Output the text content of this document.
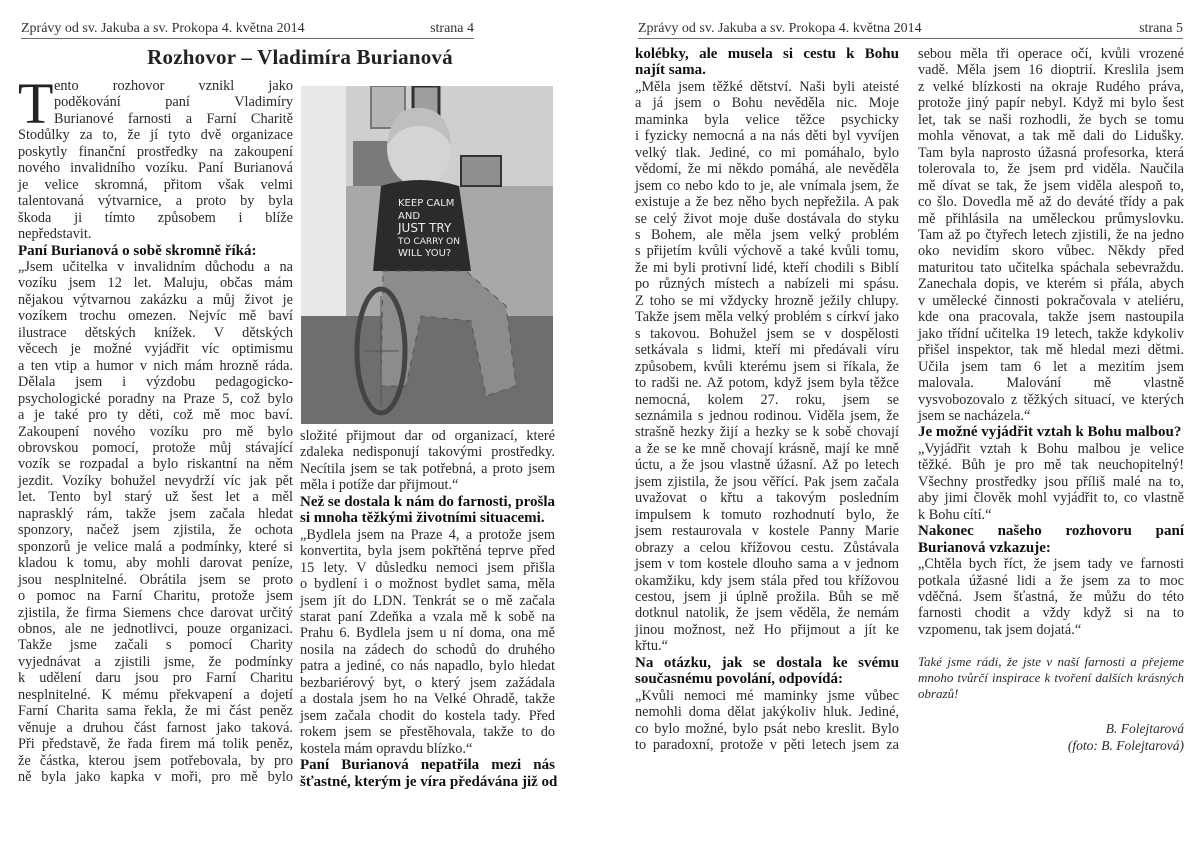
Zprávy od sv. Jakuba a sv. Prokopa 4. května 2014	strana 4
Rozhovor – Vladimíra Burianová
T ento rozhovor vznikl jako
poděkování paní Vladimíry
Burianové farnosti a Farní Charitě
Stodůlky za to, že jí tyto dvě organizace
poskytly finanční prostředky na zakoupení
nového invalidního vozíku. Paní Burianová
je velice skromná, přitom však velmi
talentovaná výtvarnice, a proto by byla
škoda ji tímto způsobem i blíže
nepředstavit.
Paní Burianová o sobě skromně říká:
„Jsem učitelka v invalidním důchodu a na
vozíku jsem 12 let. Maluju, občas mám
nějakou výtvarnou zakázku a můj život je
vozíkem trochu omezen. Nejvíc mě baví
ilustrace dětských knížek. V dětských
věcech je možné vyjádřit víc optimismu
a ten vtip a humor v nich mám hrozně ráda.
Dělala jsem i výzdobu pedagogicko-
psychologické poradny na Praze 5, což bylo
a je také pro ty děti, což mě moc baví.
Zakoupení nového vozíku pro mě bylo
obrovskou pomocí, protože můj stávající
vozík se rozpadal a bylo riskantní na něm
jezdit. Vozíky bohužel nevydrží víc jak pět
let. Tento byl starý už šest let a měl
naprasklý rám, takže jsem začala hledat
sponzory, načež jsem zjistila, že ochota
sponzorů je velice malá a podmínky, které si
kladou k tomu, aby mohli darovat peníze,
jsou nesplnitelné. Obrátila jsem se proto
o pomoc na Farní Charitu, protože jsem
zjistila, že firma Siemens chce darovat určitý
obnos, ale ne jednotlivci, pouze organizaci.
Takže jsme začali s pomocí Charity
vyjednávat a zjistili jsme, že podmínky
k udělení daru jsou pro Farní Charitu
nesplnitelné. K mému překvapení a dojetí
Farní Charita sama řekla, že mi část peněz
věnuje a druhou část farnost jako taková.
Při představě, že řada firem má tolik peněz,
že částka, kterou jsem potřebovala, by pro
ně byla jako kapka v moři, pro mě bylo
KEEP CALM
AND
JUST TRY
TO CARRY ON
WILL YOU?
složité přijmout dar od organizací, které
zdaleka nedisponují takovými prostředky.
Necítila jsem se tak potřebná, a proto jsem
měla i potíže dar přijmout.“
Než se dostala k nám do farnosti, prošla
si mnoha těžkými životními situacemi.
„Bydlela jsem na Praze 4, a protože jsem
konvertita, byla jsem pokřtěná teprve před
15 lety. V důsledku nemoci jsem přišla
o bydlení i o možnost bydlet sama, měla
jsem jít do LDN. Tenkrát se o mě začala
starat paní Zdeňka a vzala mě k sobě na
Prahu 6. Bydlela jsem u ní doma, ona mě
nosila na zádech do schodů do druhého
patra a jediné, co nás napadlo, bylo hledat
bezbariérový byt, o který jsem zažádala
a dostala jsem ho na Velké Ohradě, takže
jsem začala chodit do kostela tady. Před
rokem jsem se přestěhovala, takže to do
kostela mám opravdu blízko.“
Paní Burianová nepatřila mezi nás
šťastné, kterým je víra předávána již od
Zprávy od sv. Jakuba a sv. Prokopa 4. května 2014	strana 5
kolébky, ale musela si cestu k Bohu
najít sama.
„Měla jsem těžké dětství. Naši byli ateisté
a já jsem o Bohu nevěděla nic. Moje
maminka byla velice těžce psychicky
i fyzicky nemocná a na nás děti byl vyvíjen
velký tlak. Jediné, co mi pomáhalo, bylo
vědomí, že mi někdo pomáhá, ale nevěděla
jsem co nebo kdo to je, ale vnímala jsem, že
existuje a že bez něho bych nepřežila. A pak
se celý život moje duše dostávala do styku
s Bohem, ale měla jsem velký problém
s přijetím kvůli výchově a také kvůli tomu,
že mi byli protivní lidé, kteří chodili s Biblí
po různých místech a nabízeli mi spásu.
Z toho se mi vždycky hrozně ježily chlupy.
Takže jsem měla velký problém s církví jako
s takovou. Bohužel jsem se v dospělosti
setkávala s lidmi, kteří mi předávali víru
způsobem, kvůli kterému jsem si říkala, že
to radši ne. Až potom, když jsem byla těžce
nemocná, kolem 27. roku, jsem se
seznámila s jednou rodinou. Viděla jsem, že
strašně hezky žijí a hezky se k sobě chovají
a že se ke mně chovají krásně, mají ke mně
úctu, a že jsou vlastně úžasní. Až po letech
jsem zjistila, že jsou věřící. Pak jsem začala
uvažovat o křtu a takovým posledním
impulsem k tomuto rozhodnutí bylo, že
jsem restaurovala v kostele Panny Marie
obrazy a celou křížovou cestu. Zůstávala
jsem v tom kostele dlouho sama a v jednom
okamžiku, kdy jsem stála před tou křížovou
cestou, jsem ji úplně prožila. Bůh se mě
dotknul natolik, že jsem věděla, že nemám
jinou možnost, než Ho přijmout a jít ke
křtu.“
Na otázku, jak se dostala ke svému
současnému povolání, odpovídá:
„Kvůli nemoci mé maminky jsme vůbec
nemohli doma dělat jakýkoliv hluk. Jediné,
co bylo možné, bylo psát nebo kreslit. Bylo
to paradoxní, protože v pěti letech jsem za
sebou měla tři operace očí, kvůli vrozené
vadě. Měla jsem 16 dioptrií. Kreslila jsem
z velké blízkosti na okraje Rudého práva,
protože jiný papír nebyl. Když mi bylo šest
let, tak se naši rozhodli, že bych se tomu
mohla věnovat, a tak mě dali do Lidušky.
Tam byla naprosto úžasná profesorka, která
tolerovala to, že jsem prd viděla. Naučila
mě dívat se tak, že jsem viděla alespoň to,
co šlo. Dovedla mě až do deváté třídy a pak
mě přihlásila na uměleckou průmyslovku.
Tam až po čtyřech letech zjistili, že na jedno
oko nevidím skoro vůbec. Někdy před
maturitou tato učitelka spáchala sebevraždu.
Zanechala dopis, ve kterém si přála, abych
v umělecké činnosti pokračovala v ateliéru,
kde ona pracovala, takže jsem nastoupila
jako třídní učitelka 19 letech, takže kdykoliv
přišel inspektor, tak mě hledal mezi dětmi.
Učila jsem tam 6 let a mezitím jsem
malovala. Malování mě vlastně
vysvobozovalo z těžkých situací, ve kterých
jsem se nacházela.“
Je možné vyjádřit vztah k Bohu malbou?
„Vyjádřit vztah k Bohu malbou je velice
těžké. Bůh je pro mě tak neuchopitelný!
Všechny prostředky jsou příliš malé na to,
aby jimi člověk mohl vyjádřit to, co vlastně
k Bohu cítí.“
Nakonec našeho rozhovoru paní
Burianová vzkazuje:
„Chtěla bych říct, že jsem tady ve farnosti
potkala úžasné lidi a že jsem za to moc
vděčná. Jsem šťastná, že můžu do této
farnosti chodit a vždy když si na to
vzpomenu, tak jsem dojatá.“
Také jsme rádi, že jste v naší farnosti a přejeme
mnoho tvůrčí inspirace k tvoření dalších krásných
obrazů!
B. Folejtarová
(foto: B. Folejtarová)
